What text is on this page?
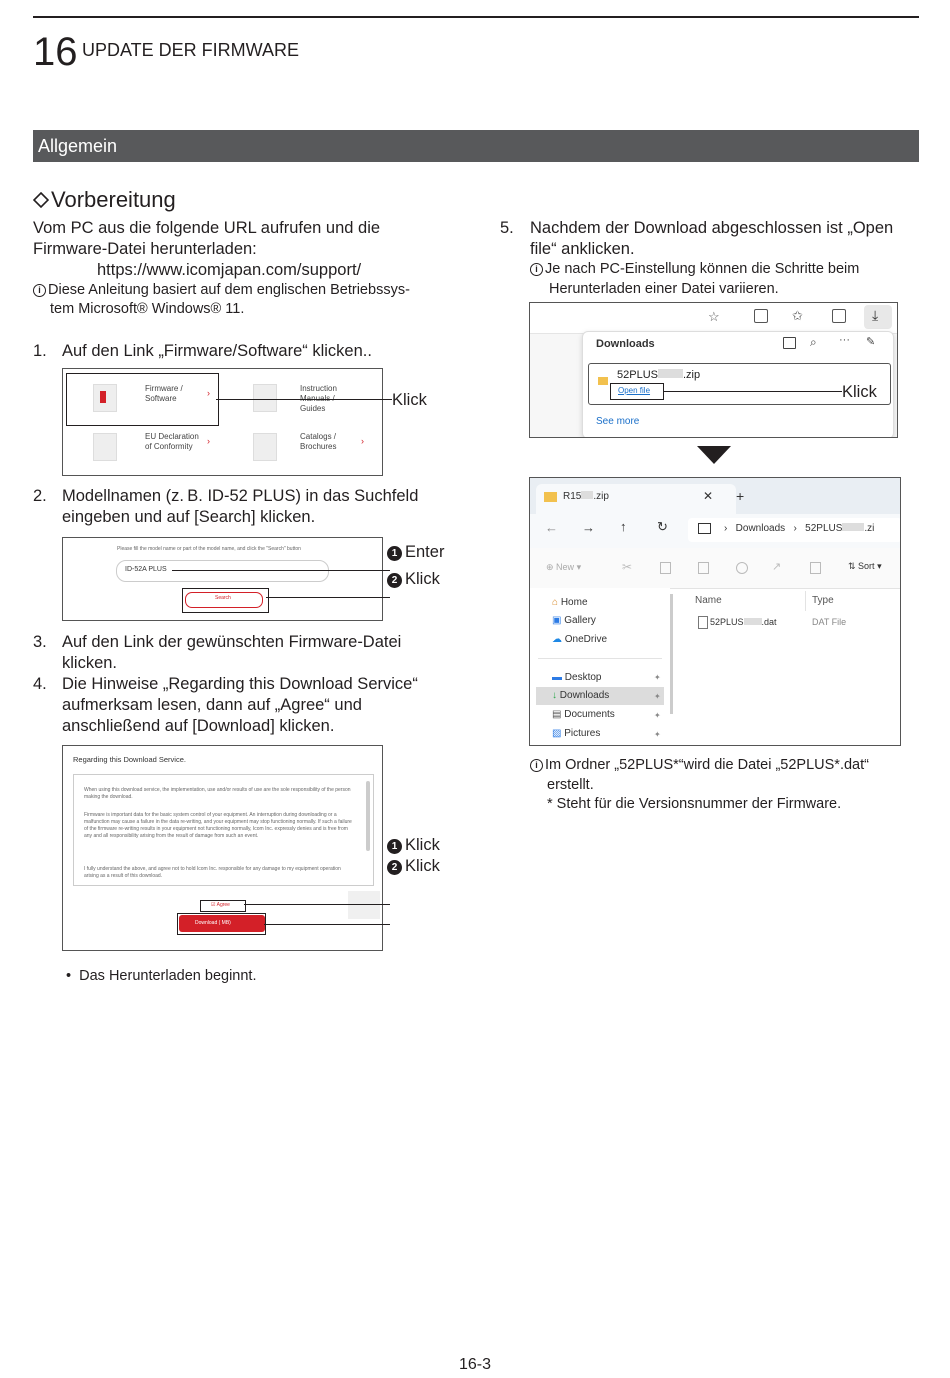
16 UPDATE DER FIRMWARE
Allgemein
Vorbereitung
Vom PC aus die folgende URL aufrufen und die
Firmware-Datei herunterladen:
https://www.icomjapan.com/support/
i Diese Anleitung basiert auf dem englischen Betriebssys-
tem Microsoft® Windows® 11.
1. Auf den Link „Firmware/Software“ klicken..
Firmware /
Software
›	Instruction
Manuals /
Guides
EU Declaration
of Conformity
›	Catalogs /
Brochures
›
Klick
2. Modellnamen (z. B. ID-52 PLUS) in das Suchfeld
eingeben und auf [Search] klicken.
Please fill the model name or part of the model name, and click the "Search" button
ID-52A PLUS
Search
1 Enter
2 Klick
3. Auf den Link der gewünschten Firmware-Datei
klicken.
4. Die Hinweise „Regarding this Download Service“
aufmerksam lesen, dann auf „Agree“ und
anschließend auf [Download] klicken.
Regarding this Download Service.
When using this download service, the implementation, use and/or results of use are the sole responsibility of the person making the download.
Firmware is important data for the basic system control of your equipment. An interruption during downloading or a malfunction may cause a failure in the data re-writing, and your equipment may stop functioning normally. If such a failure of the firmware re-writing results in your equipment not functioning normally, Icom Inc. expressly denies and is free from any and all responsibility arising from the result of damage from such an event.
I fully understand the above, and agree not to hold Icom Inc. responsible for any damage to my equipment operation arising as a result of this download.
☑ Agree
Download ( MB)
1 Klick
2 Klick
•  Das Herunterladen beginnt.
5. Nachdem der Download abgeschlossen ist „Open
file“ anklicken.
i Je nach PC-Einstellung können die Schritte beim
Herunterladen einer Datei variieren.
☆	✩	⤓
Downloads	⌕ ··· ✎
52PLUS .zip
Open file
See more
Klick
R15 .zip	✕ +
← → ↑ ↻	›   Downloads   ›   52PLUS .zi
⊕ New ▾	✂	↗	⇅ Sort ▾
⌂ Home
▣ Gallery
☁ OneDrive
▬ Desktop
↓ Downloads
▤ Documents
▨ Pictures
✦
✦
✦
✦
Name	Type
52PLUS .dat	DAT File
i Im Ordner „52PLUS*“wird die Datei „52PLUS*.dat“
erstellt.
* Steht für die Versionsnummer der Firmware.
16-3
